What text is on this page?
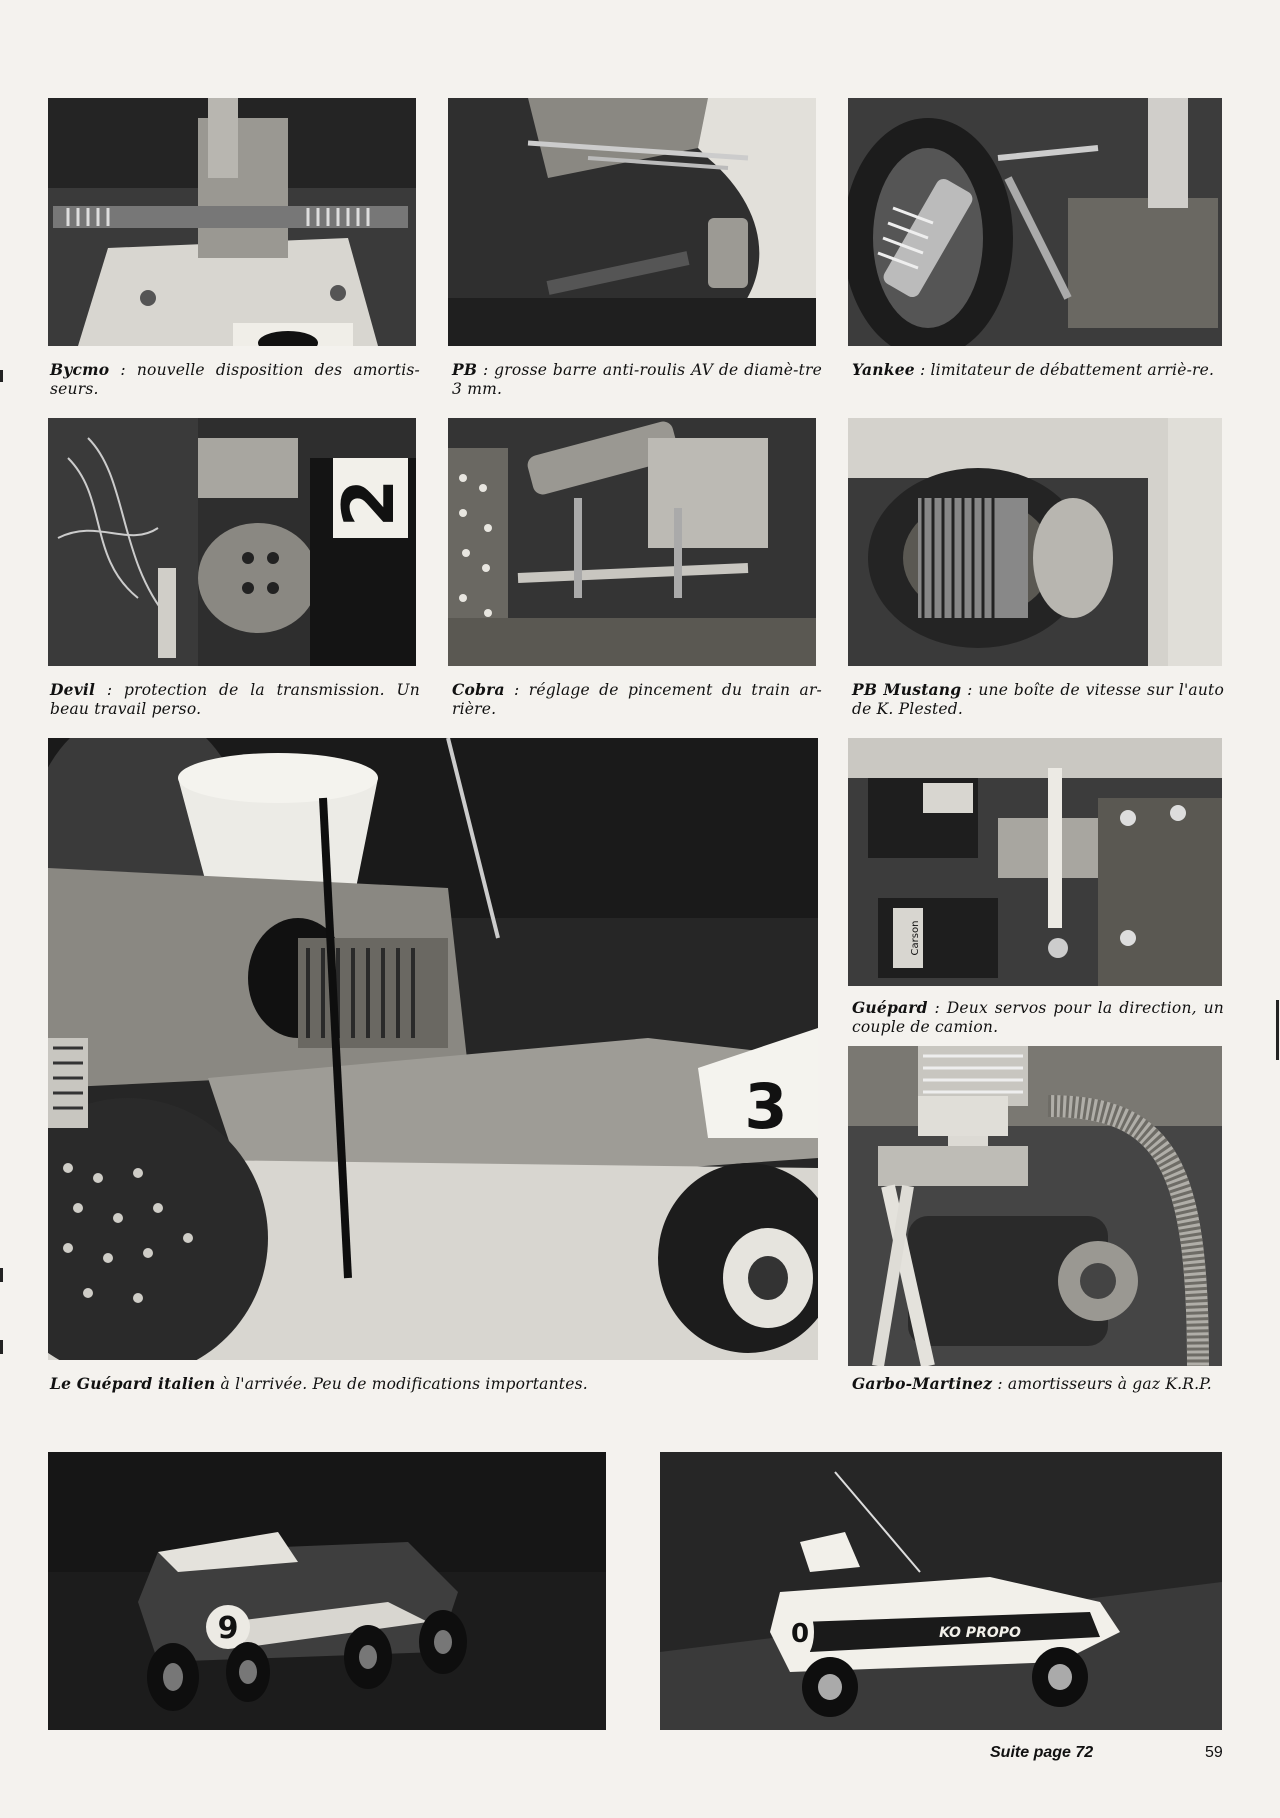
Bycmo : nouvelle disposition des amortis-seurs.
PB : grosse barre anti-roulis AV de diamè-tre 3 mm.
Yankee : limitateur de débattement arriè-re.
2
Devil : protection de la transmission. Un beau travail perso.
Cobra : réglage de pincement du train ar-rière.
PB Mustang : une boîte de vitesse sur l'auto de K. Plested.
3
Carson
Guépard : Deux servos pour la direction, un couple de camion.
Le Guépard italien à l'arrivée. Peu de modifications importantes.	Garbo-Martinez : amortisseurs à gaz K.R.P.
9	KO PROPO
0
Suite page 72	59
